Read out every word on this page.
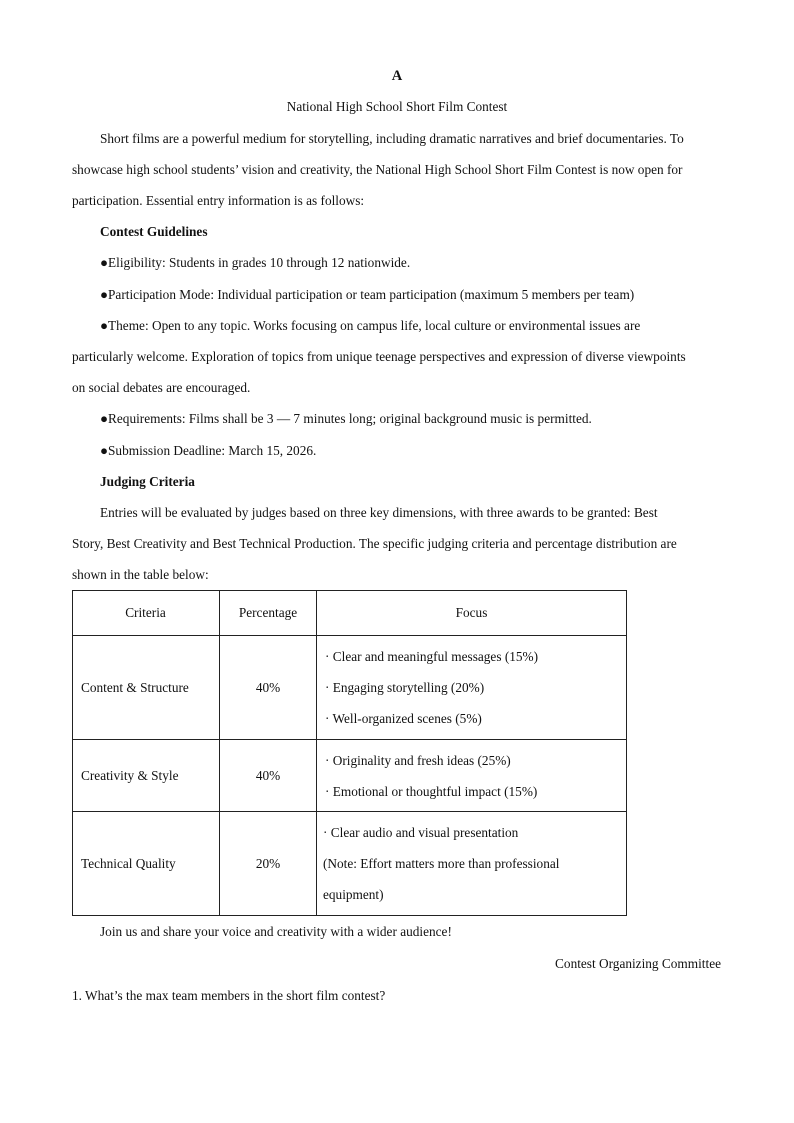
A
National High School Short Film Contest
Short films are a powerful medium for storytelling, including dramatic narratives and brief documentaries. To
showcase high school students’ vision and creativity, the National High School Short Film Contest is now open for
participation. Essential entry information is as follows:
Contest Guidelines
●Eligibility: Students in grades 10 through 12 nationwide.
●Participation Mode: Individual participation or team participation (maximum 5 members per team)
●Theme: Open to any topic. Works focusing on campus life, local culture or environmental issues are
particularly welcome. Exploration of topics from unique teenage perspectives and expression of diverse viewpoints
on social debates are encouraged.
●Requirements: Films shall be 3 — 7 minutes long; original background music is permitted.
●Submission Deadline: March 15, 2026.
Judging Criteria
Entries will be evaluated by judges based on three key dimensions, with three awards to be granted: Best
Story, Best Creativity and Best Technical Production. The specific judging criteria and percentage distribution are
shown in the table below:
Criteria	Percentage	Focus
Content & Structure	40%	· Clear and meaningful messages (15%)
· Engaging storytelling (20%)
· Well-organized scenes (5%)

Creativity & Style	40%	· Originality and fresh ideas (25%)
· Emotional or thoughtful impact (15%)

Technical Quality	20%	· Clear audio and visual presentation
(Note: Effort matters more than professional
equipment)
Join us and share your voice and creativity with a wider audience!
Contest Organizing Committee
1. What’s the max team members in the short film contest?
